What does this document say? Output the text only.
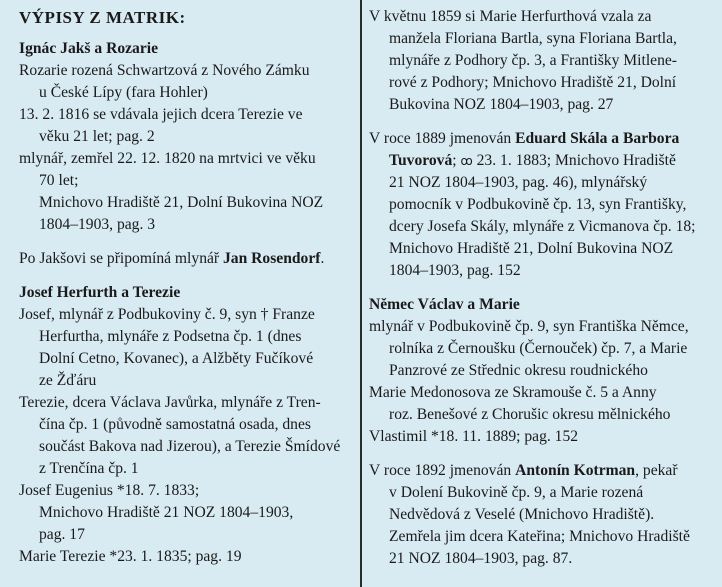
VÝPISY Z MATRIK:
Ignác Jakš a Rozarie
Rozarie rozená Schwartzová z Nového Zámku
u České Lípy (fara Hohler)
13. 2. 1816 se vdávala jejich dcera Terezie ve
věku 21 let; pag. 2
mlynář, zemřel 22. 12. 1820 na mrtvici ve věku
70 let;
Mnichovo Hradiště 21, Dolní Bukovina NOZ
1804–1903, pag. 3
Po Jakšovi se připomíná mlynář Jan Rosendorf.
Josef Herfurth a Terezie
Josef, mlynář z Podbukoviny č. 9, syn † Franze
Herfurtha, mlynáře z Podsetna čp. 1 (dnes
Dolní Cetno, Kovanec), a Alžběty Fučíkové
ze Žďáru
Terezie, dcera Václava Javůrka, mlynáře z Tren-
čína čp. 1 (původně samostatná osada, dnes
součást Bakova nad Jizerou), a Terezie Šmídové
z Trenčína čp. 1
Josef Eugenius *18. 7. 1833;
Mnichovo Hradiště 21 NOZ 1804–1903,
pag. 17
Marie Terezie *23. 1. 1835; pag. 19
V květnu 1859 si Marie Herfurthová vzala za
manžela Floriana Bartla, syna Floriana Bartla,
mlynáře z Podhory čp. 3, a Františky Mitlene-
rové z Podhory; Mnichovo Hradiště 21, Dolní
Bukovina NOZ 1804–1903, pag. 27
V roce 1889 jmenován Eduard Skála a Barbora
Tuvorová; ꝏ 23. 1. 1883; Mnichovo Hradiště
21 NOZ 1804–1903, pag. 46), mlynářský
pomocník v Podbukovině čp. 13, syn Františky,
dcery Josefa Skály, mlynáře z Vicmanova čp. 18;
Mnichovo Hradiště 21, Dolní Bukovina NOZ
1804–1903, pag. 152
Němec Václav a Marie
mlynář v Podbukovině čp. 9, syn Františka Němce,
rolníka z Černoušku (Černouček) čp. 7, a Marie
Panzrové ze Střednic okresu roudnického
Marie Medonosova ze Skramouše č. 5 a Anny
roz. Benešové z Chorušic okresu mělnického
Vlastimil *18. 11. 1889; pag. 152
V roce 1892 jmenován Antonín Kotrman, pekař
v Dolení Bukovině čp. 9, a Marie rozená
Nedvědová z Veselé (Mnichovo Hradiště).
Zemřela jim dcera Kateřina; Mnichovo Hradiště
21 NOZ 1804–1903, pag. 87.
